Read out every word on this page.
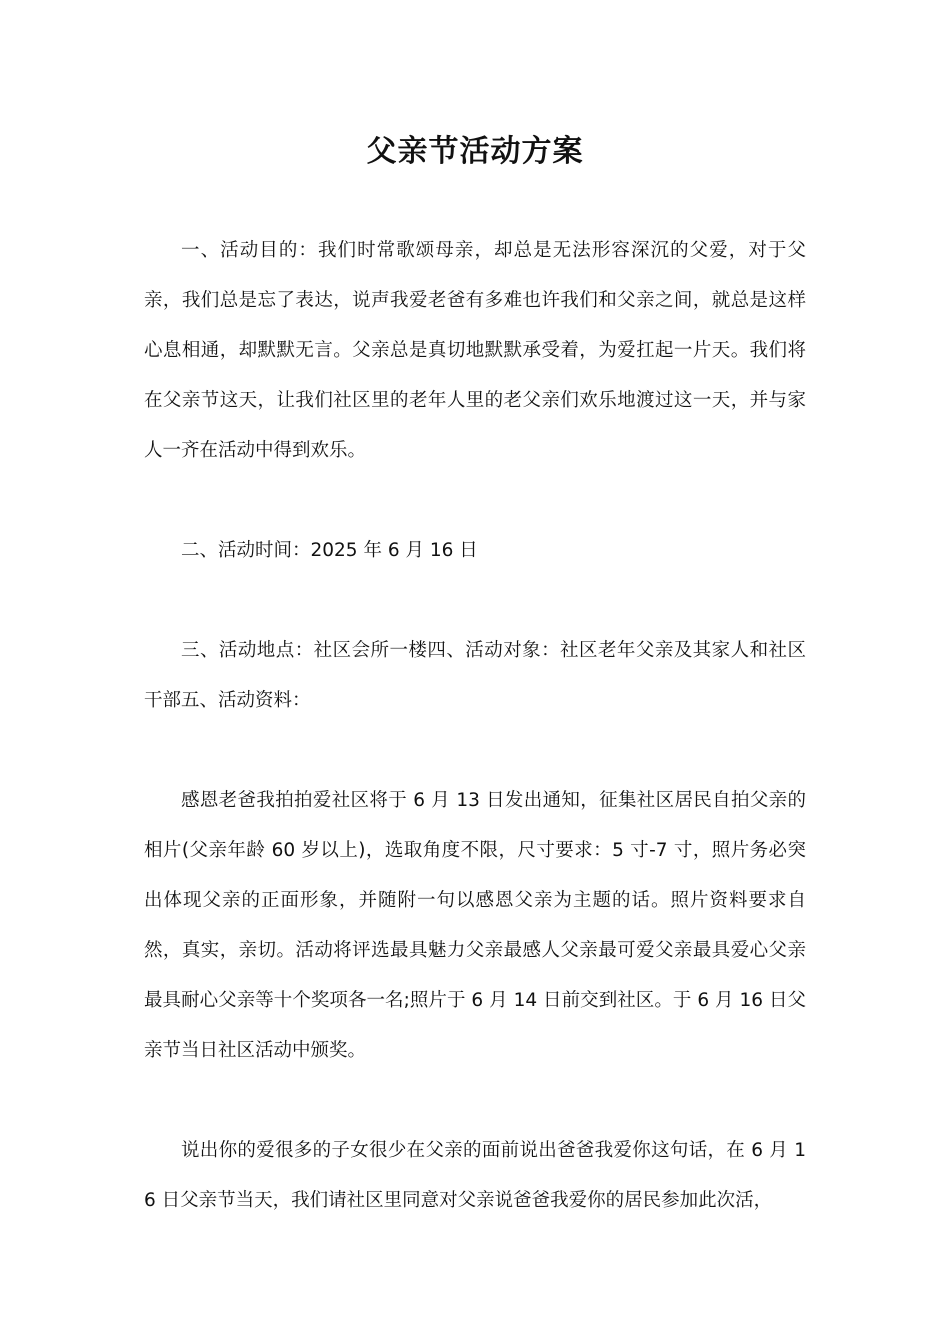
父亲节活动方案

一、活动目的：我们时常歌颂母亲，却总是无法形容深沉的父爱，对于父亲，我们总是忘了表达，说声我爱老爸有多难也许我们和父亲之间，就总是这样心息相通，却默默无言。父亲总是真切地默默承受着，为爱扛起一片天。我们将在父亲节这天，让我们社区里的老年人里的老父亲们欢乐地渡过这一天，并与家人一齐在活动中得到欢乐。

二、活动时间：2025 年 6 月 16 日

三、活动地点：社区会所一楼四、活动对象：社区老年父亲及其家人和社区干部五、活动资料：

感恩老爸我拍拍爱社区将于 6 月 13 日发出通知，征集社区居民自拍父亲的相片(父亲年龄 60 岁以上)，选取角度不限，尺寸要求：5 寸-7 寸，照片务必突出体现父亲的正面形象，并随附一句以感恩父亲为主题的话。照片资料要求自然，真实，亲切。活动将评选最具魅力父亲最感人父亲最可爱父亲最具爱心父亲最具耐心父亲等十个奖项各一名;照片于 6 月 14 日前交到社区。于 6 月 16 日父亲节当日社区活动中颁奖。

说出你的爱很多的子女很少在父亲的面前说出爸爸我爱你这句话，在 6 月 16 日父亲节当天，我们请社区里同意对父亲说爸爸我爱你的居民参加此次活，
